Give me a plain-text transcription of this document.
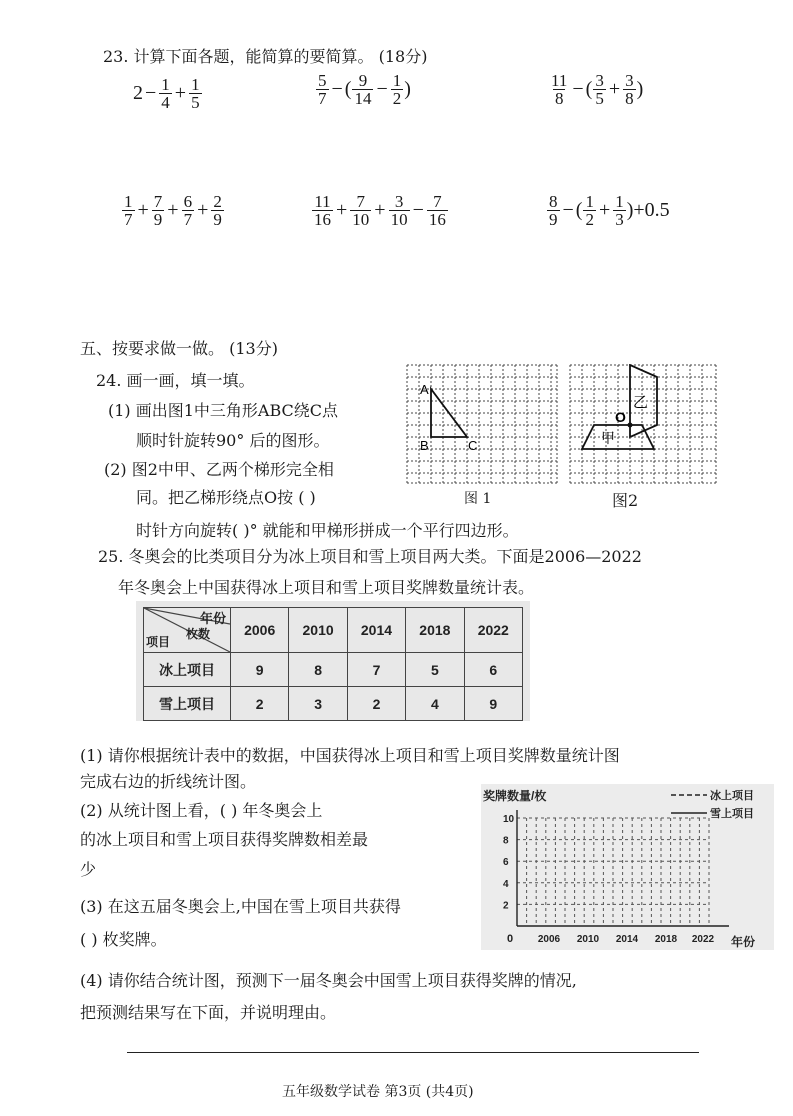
23. 计算下面各题，能简算的要简算。 (18分)
$2 - \frac{1}{4} + \frac{1}{5}$	$\frac{5}{7}$ − ( $\frac{9}{14} - \frac{1}{2}$ )	$\frac{11}{8}$ − ( $\frac{3}{5} + \frac{3}{8}$ )
$\frac{1}{7} + \frac{7}{9} + \frac{6}{7} + \frac{2}{9}$	$\frac{11}{16} + \frac{7}{10} + \frac{3}{10} - \frac{7}{16}$	$\frac{8}{9}$ − ( $\frac{1}{2} + \frac{1}{3}$ ) +0.5
五、按要求做一做。 (13分)
24. 画一画，填一填。
(1) 画出图1中三角形ABC绕C点
顺时针旋转90° 后的图形。
(2) 图2中甲、乙两个梯形完全相
同。把乙梯形绕点O按 ( )
时针方向旋转( )° 就能和甲梯形拼成一个平行四边形。
A
B	C
图 1
O
乙
甲
图2
25. 冬奥会的比类项目分为冰上项目和雪上项目两大类。下面是2006—2022
年冬奥会上中国获得冰上项目和雪上项目奖牌数量统计表。
年份
枚数
项目	2006	2010	2014	2018	2022
冰上项目	9	8	7	5	6
雪上项目	2	3	2	4	9
(1) 请你根据统计表中的数据，中国获得冰上项目和雪上项目奖牌数量统计图
完成右边的折线统计图。
(2) 从统计图上看，( ) 年冬奥会上
的冰上项目和雪上项目获得奖牌数相差最
少
(3) 在这五届冬奥会上,中国在雪上项目共获得
( ) 枚奖牌。
(4) 请你结合统计图，预测下一届冬奥会中国雪上项目获得奖牌的情况,
把预测结果写在下面，并说明理由。
奖牌数量/枚
2
4
6
8
10
0 2006 2010 2014 2018 2022 年份
冰上项目
雪上项目
五年级数学试卷 第3页 (共4页)
